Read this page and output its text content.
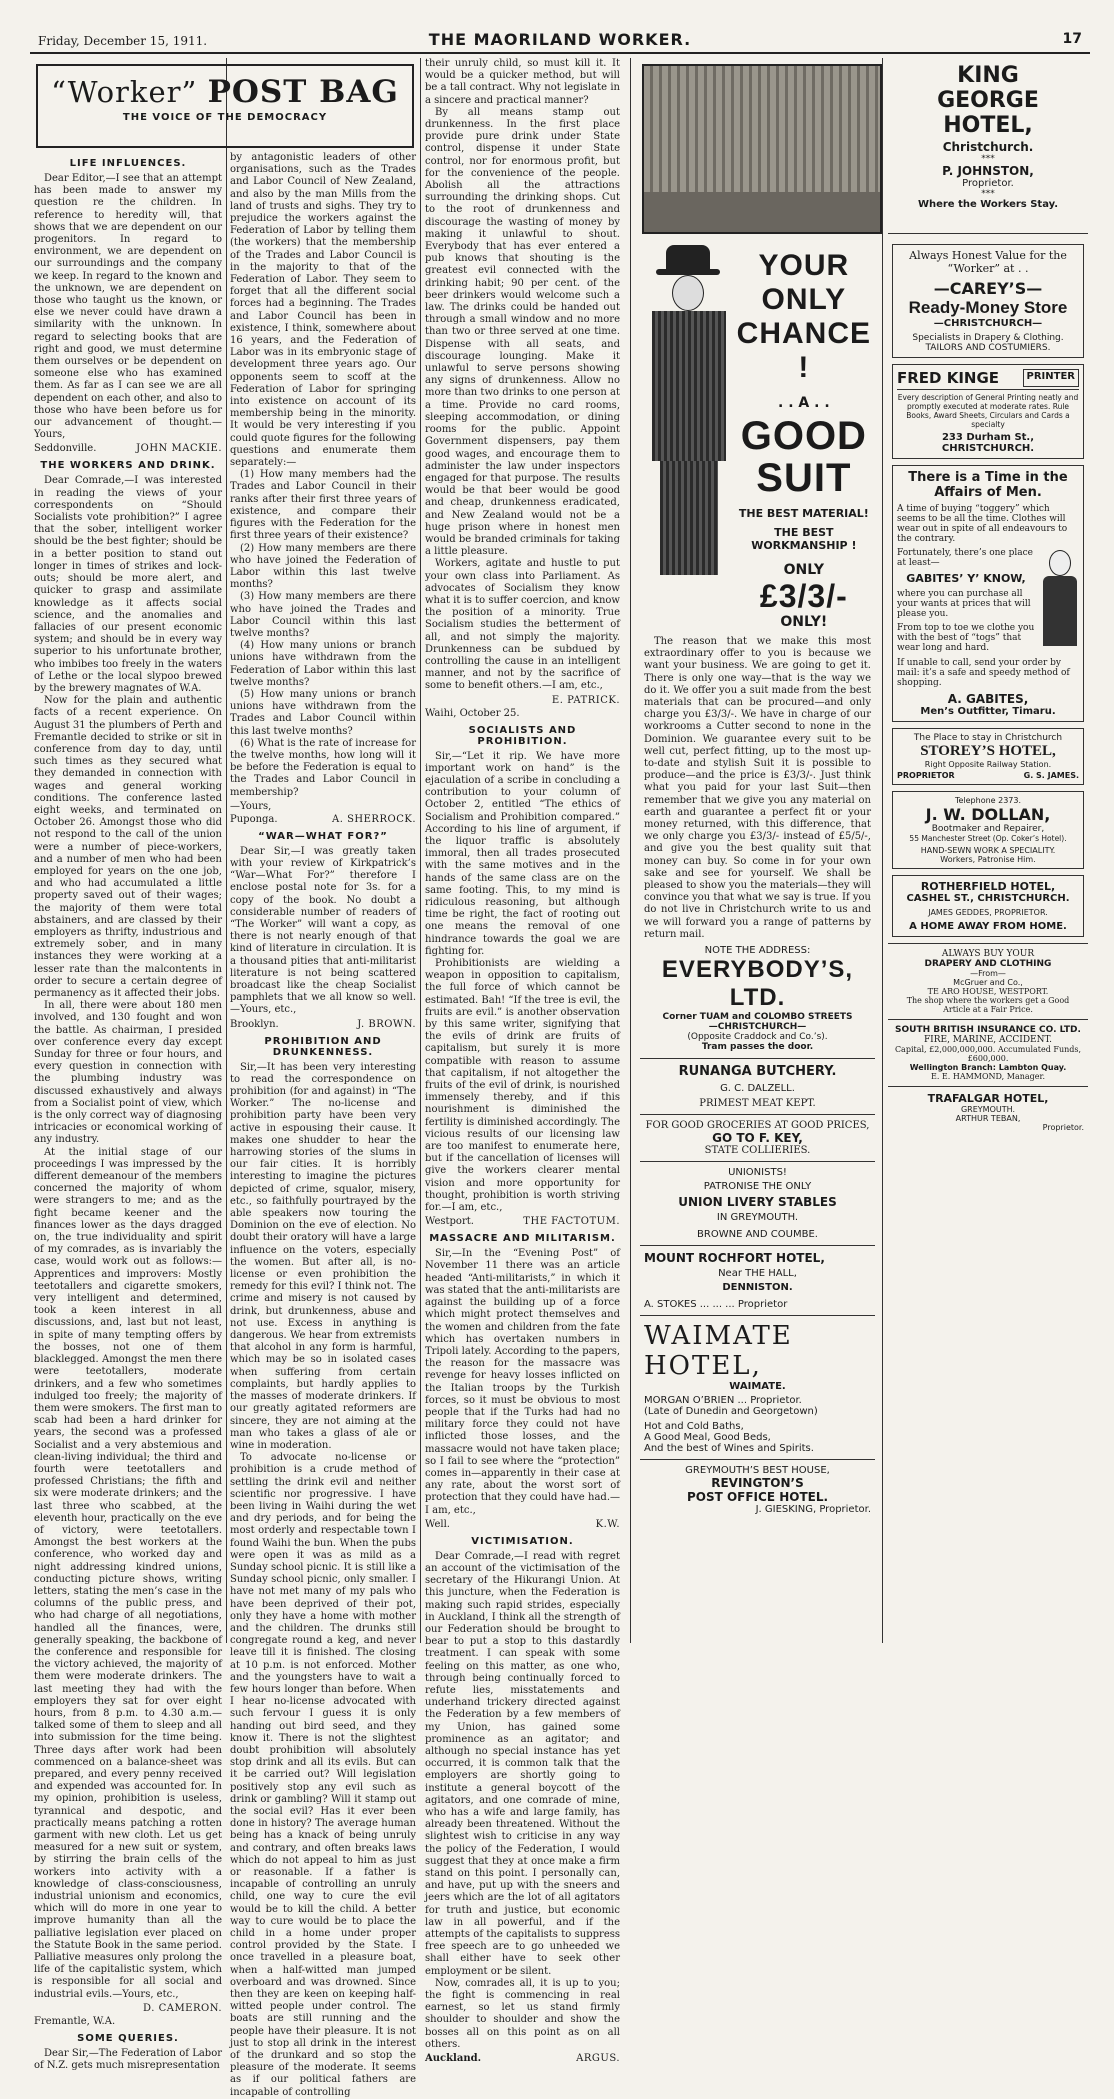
Friday, December 15, 1911.	THE MAORILAND WORKER.	17
“Worker” POST BAG
THE VOICE OF THE DEMOCRACY
LIFE INFLUENCES.

Dear Editor,—I see that an attempt has been made to answer my question re the children. In reference to heredity will, that shows that we are dependent on our progenitors. In regard to environment, we are dependent on our surroundings and the company we keep. In regard to the known and the unknown, we are dependent on those who taught us the known, or else we never could have drawn a similarity with the unknown. In regard to selecting books that are right and good, we must determine them ourselves or be dependent on someone else who has examined them. As far as I can see we are all dependent on each other, and also to those who have been before us for our advancement of thought.—Yours,

Seddonville.	JOHN MACKIE.
THE WORKERS AND DRINK.

Dear Comrade,—I was interested in reading the views of your correspondents on “Should Socialists vote prohibition?” I agree that the sober, intelligent worker should be the best fighter; should be in a better position to stand out longer in times of strikes and lock-outs; should be more alert, and quicker to grasp and assimilate knowledge as it affects social science, and the anomalies and fallacies of our present economic system; and should be in every way superior to his unfortunate brother, who imbibes too freely in the waters of Lethe or the local slypoo brewed by the brewery magnates of W.A.

Now for the plain and authentic facts of a recent experience. On August 31 the plumbers of Perth and Fremantle decided to strike or sit in conference from day to day, until such times as they secured what they demanded in connection with wages and general working conditions. The conference lasted eight weeks, and terminated on October 26. Amongst those who did not respond to the call of the union were a number of piece-workers, and a number of men who had been employed for years on the one job, and who had accumulated a little property saved out of their wages; the majority of them were total abstainers, and are classed by their employers as thrifty, industrious and extremely sober, and in many instances they were working at a lesser rate than the malcontents in order to secure a certain degree of permanency as it affected their jobs.

In all, there were about 180 men involved, and 130 fought and won the battle. As chairman, I presided over conference every day except Sunday for three or four hours, and every question in connection with the plumbing industry was discussed exhaustively and always from a Socialist point of view, which is the only correct way of diagnosing intricacies or economical working of any industry.

At the initial stage of our proceedings I was impressed by the different demeanour of the members concerned the majority of whom were strangers to me; and as the fight became keener and the finances lower as the days dragged on, the true individuality and spirit of my comrades, as is invariably the case, would work out as follows:—Apprentices and improvers: Mostly teetotallers and cigarette smokers, very intelligent and determined, took a keen interest in all discussions, and, last but not least, in spite of many tempting offers by the bosses, not one of them blacklegged. Amongst the men there were teetotallers, moderate drinkers, and a few who sometimes indulged too freely; the majority of them were smokers. The first man to scab had been a hard drinker for years, the second was a professed Socialist and a very abstemious and clean-living individual; the third and fourth were teetotallers and professed Christians; the fifth and six were moderate drinkers; and the last three who scabbed, at the eleventh hour, practically on the eve of victory, were teetotallers. Amongst the best workers at the conference, who worked day and night addressing kindred unions, conducting picture shows, writing letters, stating the men’s case in the columns of the public press, and who had charge of all negotiations, handled all the finances, were, generally speaking, the backbone of the conference and responsible for the victory achieved, the majority of them were moderate drinkers. The last meeting they had with the employers they sat for over eight hours, from 8 p.m. to 4.30 a.m.—talked some of them to sleep and all into submission for the time being. Three days after work had been commenced on a balance-sheet was prepared, and every penny received and expended was accounted for. In my opinion, prohibition is useless, tyrannical and despotic, and practically means patching a rotten garment with new cloth. Let us get measured for a new suit or system, by stirring the brain cells of the workers into activity with a knowledge of class-consciousness, industrial unionism and economics, which will do more in one year to improve humanity than all the palliative legislation ever placed on the Statute Book in the same period. Palliative measures only prolong the life of the capitalistic system, which is responsible for all social and industrial evils.—Yours, etc.,

D. CAMERON.
Fremantle, W.A.
SOME QUERIES.

Dear Sir,—The Federation of Labor of N.Z. gets much misrepresentation

by antagonistic leaders of other organisations, such as the Trades and Labor Council of New Zealand, and also by the man Mills from the land of trusts and sighs. They try to prejudice the workers against the Federation of Labor by telling them (the workers) that the membership of the Trades and Labor Council is in the majority to that of the Federation of Labor. They seem to forget that all the different social forces had a beginning. The Trades and Labor Council has been in existence, I think, somewhere about 16 years, and the Federation of Labor was in its embryonic stage of development three years ago. Our opponents seem to scoff at the Federation of Labor for springing into existence on account of its membership being in the minority. It would be very interesting if you could quote figures for the following questions and enumerate them separately:—

(1) How many members had the Trades and Labor Council in their ranks after their first three years of existence, and compare their figures with the Federation for the first three years of their existence?

(2) How many members are there who have joined the Federation of Labor within this last twelve months?

(3) How many members are there who have joined the Trades and Labor Council within this last twelve months?

(4) How many unions or branch unions have withdrawn from the Federation of Labor within this last twelve months?

(5) How many unions or branch unions have withdrawn from the Trades and Labor Council within this last twelve months?

(6) What is the rate of increase for the twelve months, how long will it be before the Federation is equal to the Trades and Labor Council in membership?

—Yours,
Puponga.	A. SHERROCK.
“WAR—WHAT FOR?”

Dear Sir,—I was greatly taken with your review of Kirkpatrick’s “War—What For?” therefore I enclose postal note for 3s. for a copy of the book. No doubt a considerable number of readers of “The Worker” will want a copy, as there is not nearly enough of that kind of literature in circulation. It is a thousand pities that anti-militarist literature is not being scattered broadcast like the cheap Socialist pamphlets that we all know so well.—Yours, etc.,

Brooklyn.	J. BROWN.
PROHIBITION AND DRUNKENNESS.

Sir,—It has been very interesting to read the correspondence on prohibition (for and against) in “The Worker.” The no-license and prohibition party have been very active in espousing their cause. It makes one shudder to hear the harrowing stories of the slums in our fair cities. It is horribly interesting to imagine the pictures depicted of crime, squalor, misery, etc., so faithfully pourtrayed by the able speakers now touring the Dominion on the eve of election. No doubt their oratory will have a large influence on the voters, especially the women. But after all, is no-license or even prohibition the remedy for this evil? I think not. The crime and misery is not caused by drink, but drunkenness, abuse and not use. Excess in anything is dangerous. We hear from extremists that alcohol in any form is harmful, which may be so in isolated cases when suffering from certain complaints, but hardly applies to the masses of moderate drinkers. If our greatly agitated reformers are sincere, they are not aiming at the man who takes a glass of ale or wine in moderation.

To advocate no-license or prohibition is a crude method of settling the drink evil and neither scientific nor progressive. I have been living in Waihi during the wet and dry periods, and for being the most orderly and respectable town I found Waihi the bun. When the pubs were open it was as mild as a Sunday school picnic. It is still like a Sunday school picnic, only smaller. I have not met many of my pals who have been deprived of their pot, only they have a home with mother and the children. The drunks still congregate round a keg, and never leave till it is finished. The closing at 10 p.m. is not enforced. Mother and the youngsters have to wait a few hours longer than before. When I hear no-license advocated with such fervour I guess it is only handing out bird seed, and they know it. There is not the slightest doubt prohibition will absolutely stop drink and all its evils. But can it be carried out? Will legislation positively stop any evil such as drink or gambling? Will it stamp out the social evil? Has it ever been done in history? The average human being has a knack of being unruly and contrary, and often breaks laws which do not appeal to him as just or reasonable. If a father is incapable of controlling an unruly child, one way to cure the evil would be to kill the child. A better way to cure would be to place the child in a home under proper control provided by the State. I once travelled in a pleasure boat, when a half-witted man jumped overboard and was drowned. Since then they are keen on keeping half-witted people under control. The boats are still running and the people have their pleasure. It is not just to stop all drink in the interest of the drunkard and so stop the pleasure of the moderate. It seems as if our political fathers are incapable of controlling

their unruly child, so must kill it. It would be a quicker method, but will be a tall contract. Why not legislate in a sincere and practical manner?

By all means stamp out drunkenness. In the first place provide pure drink under State control, dispense it under State control, nor for enormous profit, but for the convenience of the people. Abolish all the attractions surrounding the drinking shops. Cut to the root of drunkenness and discourage the wasting of money by making it unlawful to shout. Everybody that has ever entered a pub knows that shouting is the greatest evil connected with the drinking habit; 90 per cent. of the beer drinkers would welcome such a law. The drinks could be handed out through a small window and no more than two or three served at one time. Dispense with all seats, and discourage lounging. Make it unlawful to serve persons showing any signs of drunkenness. Allow no more than two drinks to one person at a time. Provide no card rooms, sleeping accommodation, or dining rooms for the public. Appoint Government dispensers, pay them good wages, and encourage them to administer the law under inspectors engaged for that purpose. The results would be that beer would be good and cheap, drunkenness eradicated, and New Zealand would not be a huge prison where in honest men would be branded criminals for taking a little pleasure.

Workers, agitate and hustle to put your own class into Parliament. As advocates of Socialism they know what it is to suffer coercion, and know the position of a minority. True Socialism studies the betterment of all, and not simply the majority. Drunkenness can be subdued by controlling the cause in an intelligent manner, and not by the sacrifice of some to benefit others.—I am, etc.,

E. PATRICK.
Waihi, October 25.
SOCIALISTS AND PROHIBITION.

Sir,—“Let it rip. We have more important work on hand” is the ejaculation of a scribe in concluding a contribution to your column of October 2, entitled “The ethics of Socialism and Prohibition compared.” According to his line of argument, if the liquor traffic is absolutely immoral, then all trades prosecuted with the same motives and in the hands of the same class are on the same footing. This, to my mind is ridiculous reasoning, but although time be right, the fact of rooting out one means the removal of one hindrance towards the goal we are fighting for.

Prohibitionists are wielding a weapon in opposition to capitalism, the full force of which cannot be estimated. Bah! “If the tree is evil, the fruits are evil.” is another observation by this same writer, signifying that the evils of drink are fruits of capitalism, but surely it is more compatible with reason to assume that capitalism, if not altogether the fruits of the evil of drink, is nourished immensely thereby, and if this nourishment is diminished the fertility is diminished accordingly. The vicious results of our licensing law are too manifest to enumerate here, but if the cancellation of licenses will give the workers clearer mental vision and more opportunity for thought, prohibition is worth striving for.—I am, etc.,

Westport.	THE FACTOTUM.
MASSACRE AND MILITARISM.

Sir,—In the “Evening Post” of November 11 there was an article headed “Anti-militarists,” in which it was stated that the anti-militarists are against the building up of a force which might protect themselves and the women and children from the fate which has overtaken numbers in Tripoli lately. According to the papers, the reason for the massacre was revenge for heavy losses inflicted on the Italian troops by the Turkish forces, so it must be obvious to most people that if the Turks had had no military force they could not have inflicted those losses, and the massacre would not have taken place; so I fail to see where the “protection” comes in—apparently in their case at any rate, about the worst sort of protection that they could have had.—I am, etc.,

Well.	K.W.
VICTIMISATION.

Dear Comrade,—I read with regret an account of the victimisation of the secretary of the Hikurangi Union. At this juncture, when the Federation is making such rapid strides, especially in Auckland, I think all the strength of our Federation should be brought to bear to put a stop to this dastardly treatment. I can speak with some feeling on this matter, as one who, through being continually forced to refute lies, misstatements and underhand trickery directed against the Federation by a few members of my Union, has gained some prominence as an agitator; and although no special instance has yet occurred, it is common talk that the employers are shortly going to institute a general boycott of the agitators, and one comrade of mine, who has a wife and large family, has already been threatened. Without the slightest wish to criticise in any way the policy of the Federation, I would suggest that they at once make a firm stand on this point. I personally can, and have, put up with the sneers and jeers which are the lot of all agitators for truth and justice, but economic law in all powerful, and if the attempts of the capitalists to suppress free speech are to go unheeded we shall either have to seek other employment or be silent.

Now, comrades all, it is up to you; the fight is commencing in real earnest, so let us stand firmly shoulder to shoulder and show the bosses all on this point as on all others.

Auckland.	ARGUS.
YOUR ONLY CHANCE !
. . A . .
GOOD SUIT
THE BEST MATERIAL!
THE BEST WORKMANSHIP !
ONLY
£3/3/-
ONLY!

The reason that we make this most extraordinary offer to you is because we want your business. We are going to get it. There is only one way—that is the way we do it. We offer you a suit made from the best materials that can be procured—and only charge you £3/3/-. We have in charge of our workrooms a Cutter second to none in the Dominion. We guarantee every suit to be well cut, perfect fitting, up to the most up-to-date and stylish Suit it is possible to produce—and the price is £3/3/-. Just think what you paid for your last Suit—then remember that we give you any material on earth and guarantee a perfect fit or your money returned, with this difference, that we only charge you £3/3/- instead of £5/5/-, and give you the best quality suit that money can buy. So come in for your own sake and see for yourself. We shall be pleased to show you the materials—they will convince you that what we say is true. If you do not live in Christchurch write to us and we will forward you a range of patterns by return mail.

NOTE THE ADDRESS:
EVERYBODY’S, LTD.
Corner TUAM and COLOMBO STREETS
—CHRISTCHURCH—
(Opposite Craddock and Co.’s).
Tram passes the door.
RUNANGA BUTCHERY.
G. C. DALZELL.
PRIMEST MEAT KEPT.
FOR GOOD GROCERIES AT GOOD PRICES,
GO TO F. KEY,
STATE COLLIERIES.
UNIONISTS!
PATRONISE THE ONLY
UNION LIVERY STABLES
IN GREYMOUTH.
BROWNE AND COUMBE.
MOUNT ROCHFORT HOTEL,
Near THE HALL,
DENNISTON.
A. STOKES ... ... ... Proprietor
WAIMATE HOTEL,
WAIMATE.
MORGAN O’BRIEN ... Proprietor.
(Late of Dunedin and Georgetown)
Hot and Cold Baths,
A Good Meal, Good Beds,
And the best of Wines and Spirits.
GREYMOUTH’S BEST HOUSE,
REVINGTON’S
POST OFFICE HOTEL.
J. GIESKING, Proprietor.
KING
GEORGE
HOTEL,
Christchurch.
***
P. JOHNSTON,
Proprietor.
***
Where the Workers Stay.
Always Honest Value for the “Worker” at . .
—CAREY’S—
Ready-Money Store
—CHRISTCHURCH—
Specialists in Drapery & Clothing.
TAILORS AND COSTUMIERS.
FRED KINGE	PRINTER
Every description of General Printing neatly and promptly executed at moderate rates. Rule Books, Award Sheets, Circulars and Cards a specialty
233 Durham St., CHRISTCHURCH.
There is a Time in the Affairs of Men.
A time of buying “toggery” which seems to be all the time. Clothes will wear out in spite of all endeavours to the contrary.
Fortunately, there’s one place at least—
GABITES’ Y’ KNOW,
where you can purchase all your wants at prices that will please you.
From top to toe we clothe you with the best of “togs” that wear long and hard.
If unable to call, send your order by mail: it’s a safe and speedy method of shopping.
A. GABITES,
Men’s Outfitter, Timaru.
The Place to stay in Christchurch
STOREY’S HOTEL,
Right Opposite Railway Station.
PROPRIETOR	G. S. JAMES.
Telephone 2373.
J. W. DOLLAN,
Bootmaker and Repairer,
55 Manchester Street (Op. Coker’s Hotel).
HAND-SEWN WORK A SPECIALITY.
Workers, Patronise Him.
ROTHERFIELD HOTEL,
CASHEL ST., CHRISTCHURCH.
JAMES GEDDES, PROPRIETOR.
A HOME AWAY FROM HOME.
ALWAYS BUY YOUR
DRAPERY AND CLOTHING
—From—
McGruer and Co.,
TE ARO HOUSE, WESTPORT.
The shop where the workers get a Good Article at a Fair Price.
SOUTH BRITISH INSURANCE CO. LTD.
FIRE, MARINE, ACCIDENT.
Capital, £2,000,000,000. Accumulated Funds, £600,000.
Wellington Branch: Lambton Quay.
E. E. HAMMOND, Manager.
TRAFALGAR HOTEL,
GREYMOUTH.
ARTHUR TEBAN,
Proprietor.
